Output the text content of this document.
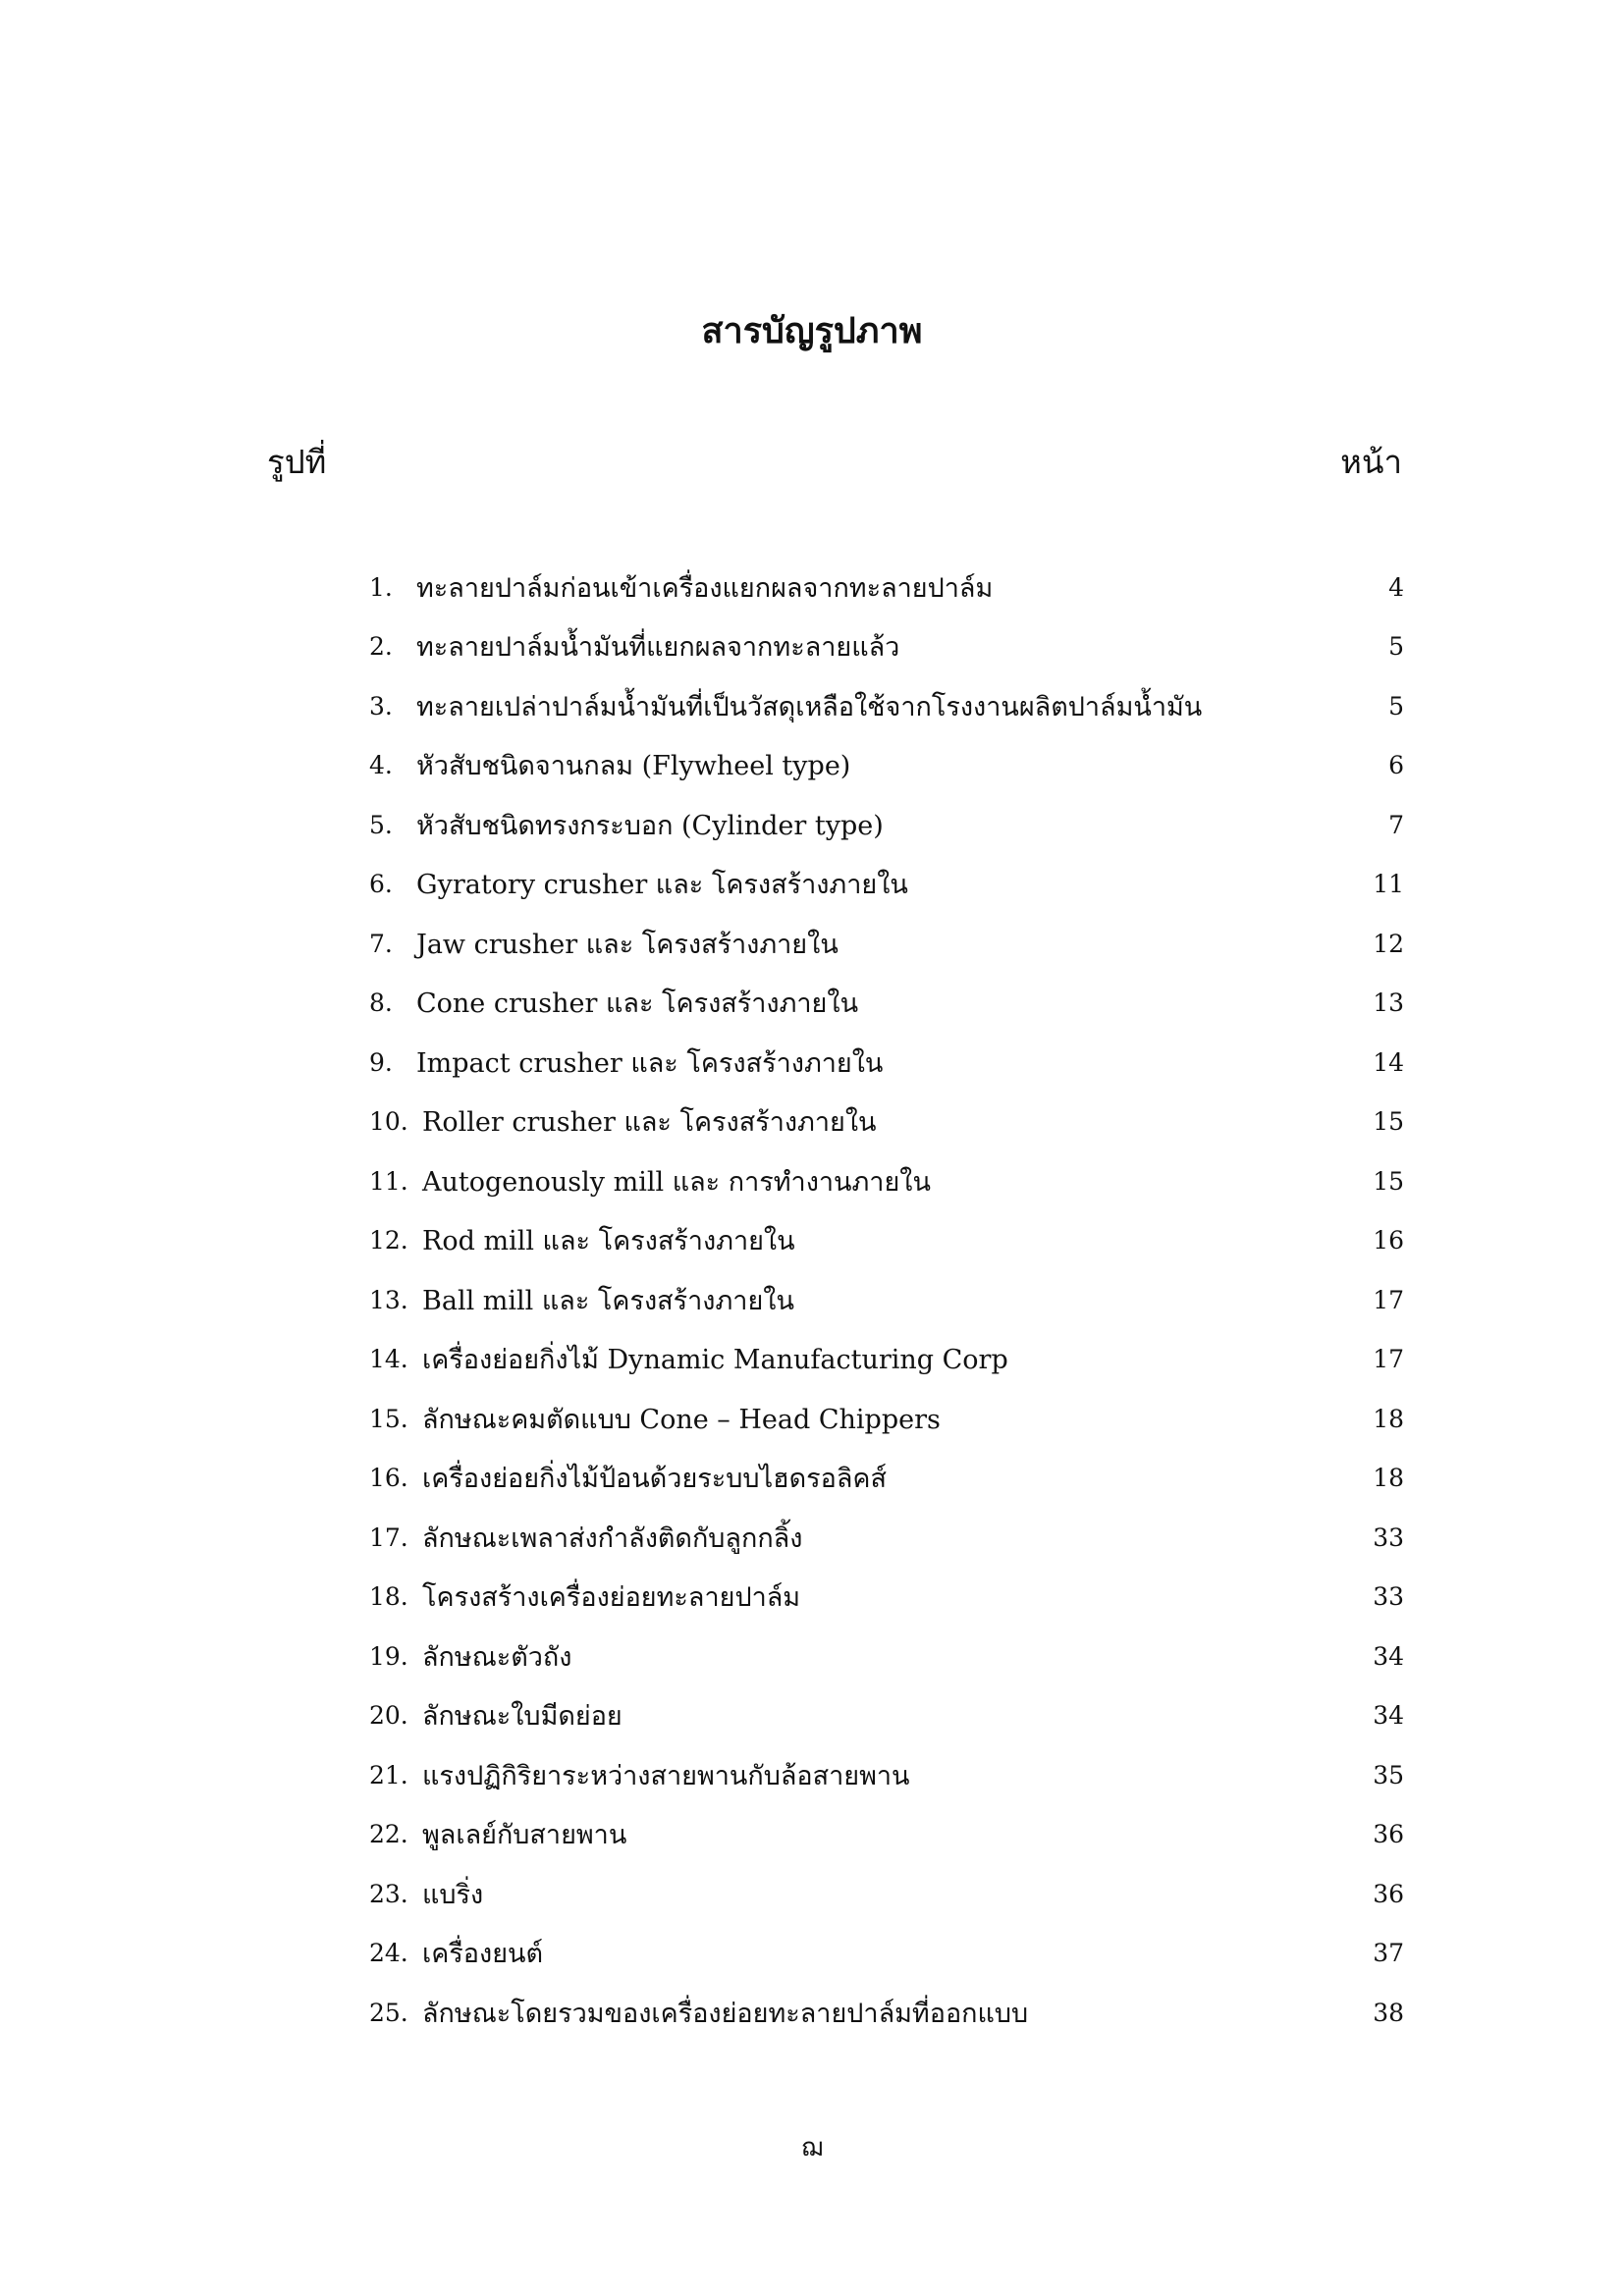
สารบัญรูปภาพ
รูปที่	หน้า
1. ทะลายปาล์มก่อนเข้าเครื่องแยกผลจากทะลายปาล์ม	4
2. ทะลายปาล์มน้ำมันที่แยกผลจากทะลายแล้ว	5
3. ทะลายเปล่าปาล์มน้ำมันที่เป็นวัสดุเหลือใช้จากโรงงานผลิตปาล์มน้ำมัน	5
4. หัวสับชนิดจานกลม (Flywheel type)	6
5. หัวสับชนิดทรงกระบอก (Cylinder type)	7
6. Gyratory crusher และ โครงสร้างภายใน	11
7. Jaw crusher และ โครงสร้างภายใน	12
8. Cone crusher และ โครงสร้างภายใน	13
9. Impact crusher และ โครงสร้างภายใน	14
10. Roller crusher และ โครงสร้างภายใน	15
11. Autogenously mill และ การทำงานภายใน	15
12. Rod mill และ โครงสร้างภายใน	16
13. Ball mill และ โครงสร้างภายใน	17
14. เครื่องย่อยกิ่งไม้ Dynamic Manufacturing Corp	17
15. ลักษณะคมตัดแบบ Cone – Head Chippers	18
16. เครื่องย่อยกิ่งไม้ป้อนด้วยระบบไฮดรอลิคส์	18
17. ลักษณะเพลาส่งกำลังติดกับลูกกลิ้ง	33
18. โครงสร้างเครื่องย่อยทะลายปาล์ม	33
19. ลักษณะตัวถัง	34
20. ลักษณะใบมีดย่อย	34
21. แรงปฏิกิริยาระหว่างสายพานกับล้อสายพาน	35
22. พูลเลย์กับสายพาน	36
23. แบริ่ง	36
24. เครื่องยนต์	37
25. ลักษณะโดยรวมของเครื่องย่อยทะลายปาล์มที่ออกแบบ	38
ฌ
